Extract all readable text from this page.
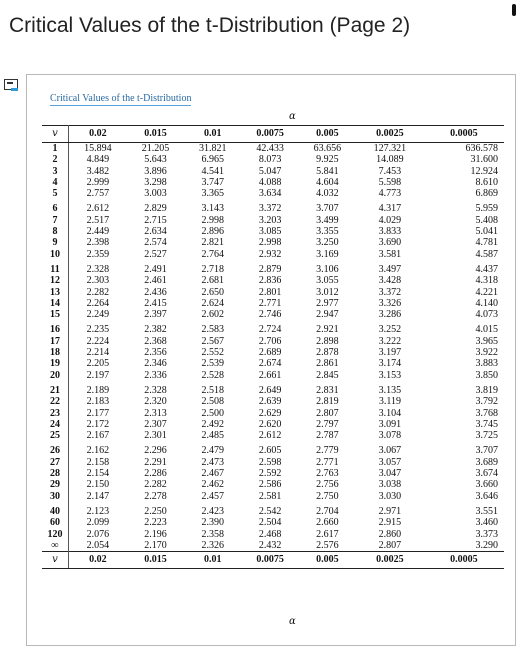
Critical Values of the t-Distribution (Page 2)
Critical Values of the t-Distribution
α
v	0.02	0.015	0.01	0.0075	0.005	0.0025	0.0005
1	15.894	21.205	31.821	42.433	63.656	127.321	636.578
2	4.849	5.643	6.965	8.073	9.925	14.089	31.600
3	3.482	3.896	4.541	5.047	5.841	7.453	12.924
4	2.999	3.298	3.747	4.088	4.604	5.598	8.610
5	2.757	3.003	3.365	3.634	4.032	4.773	6.869
6	2.612	2.829	3.143	3.372	3.707	4.317	5.959
7	2.517	2.715	2.998	3.203	3.499	4.029	5.408
8	2.449	2.634	2.896	3.085	3.355	3.833	5.041
9	2.398	2.574	2.821	2.998	3.250	3.690	4.781
10	2.359	2.527	2.764	2.932	3.169	3.581	4.587
11	2.328	2.491	2.718	2.879	3.106	3.497	4.437
12	2.303	2.461	2.681	2.836	3.055	3.428	4.318
13	2.282	2.436	2.650	2.801	3.012	3.372	4.221
14	2.264	2.415	2.624	2.771	2.977	3.326	4.140
15	2.249	2.397	2.602	2.746	2.947	3.286	4.073
16	2.235	2.382	2.583	2.724	2.921	3.252	4.015
17	2.224	2.368	2.567	2.706	2.898	3.222	3.965
18	2.214	2.356	2.552	2.689	2.878	3.197	3.922
19	2.205	2.346	2.539	2.674	2.861	3.174	3.883
20	2.197	2.336	2.528	2.661	2.845	3.153	3.850
21	2.189	2.328	2.518	2.649	2.831	3.135	3.819
22	2.183	2.320	2.508	2.639	2.819	3.119	3.792
23	2.177	2.313	2.500	2.629	2.807	3.104	3.768
24	2.172	2.307	2.492	2.620	2.797	3.091	3.745
25	2.167	2.301	2.485	2.612	2.787	3.078	3.725
26	2.162	2.296	2.479	2.605	2.779	3.067	3.707
27	2.158	2.291	2.473	2.598	2.771	3.057	3.689
28	2.154	2.286	2.467	2.592	2.763	3.047	3.674
29	2.150	2.282	2.462	2.586	2.756	3.038	3.660
30	2.147	2.278	2.457	2.581	2.750	3.030	3.646
40	2.123	2.250	2.423	2.542	2.704	2.971	3.551
60	2.099	2.223	2.390	2.504	2.660	2.915	3.460
120	2.076	2.196	2.358	2.468	2.617	2.860	3.373
∞	2.054	2.170	2.326	2.432	2.576	2.807	3.290
v	0.02	0.015	0.01	0.0075	0.005	0.0025	0.0005
α
